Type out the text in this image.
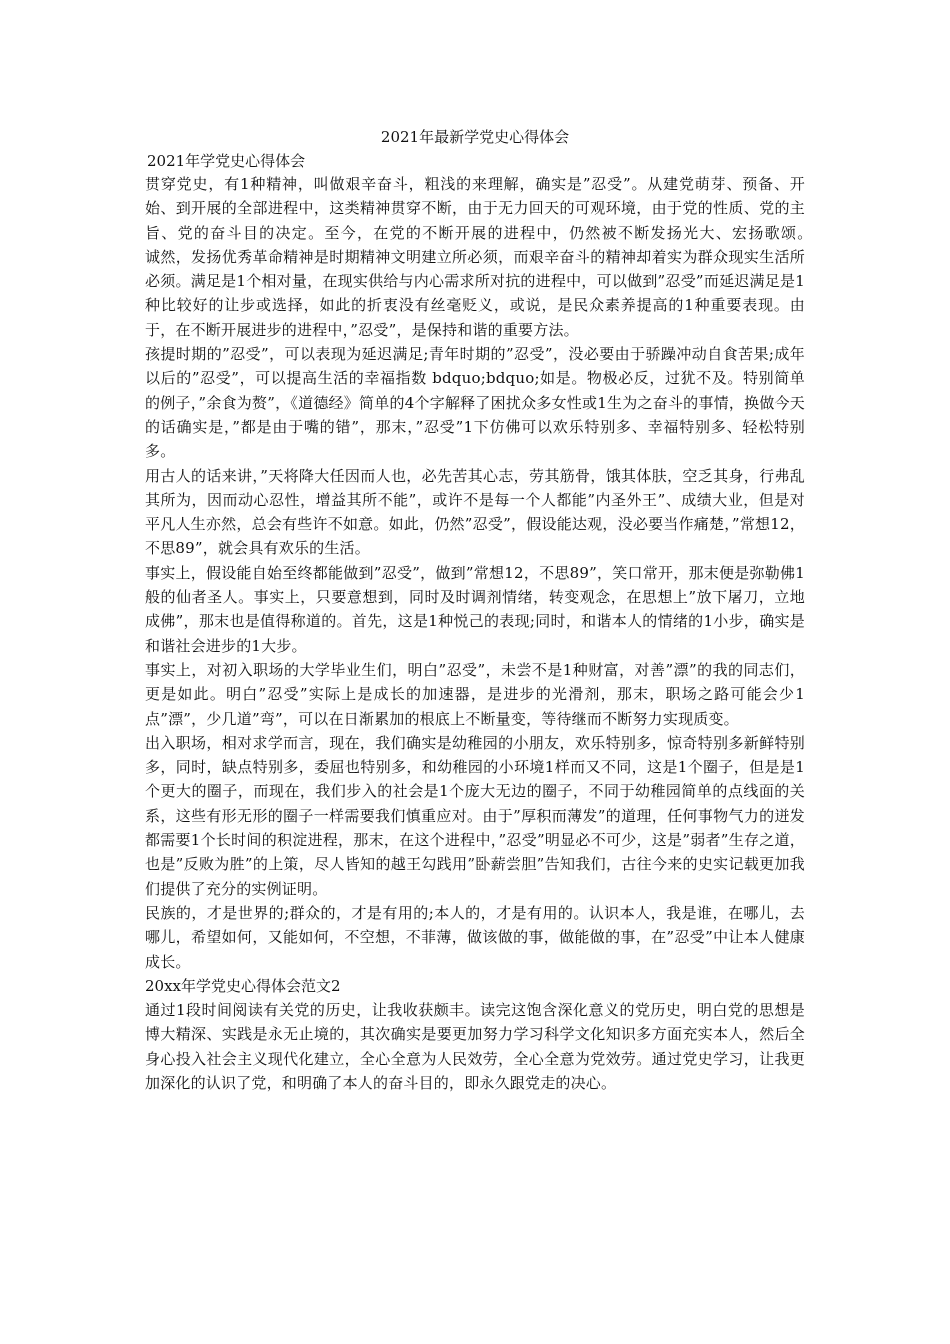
2021年最新学党史心得体会
2021年学党史心得体会

贯穿党史，有1种精神，叫做艰辛奋斗，粗浅的来理解，确实是”忍受”。从建党萌芽、预备、开始、到开展的全部进程中，这类精神贯穿不断，由于无力回天的可观环境，由于党的性质、党的主旨、党的奋斗目的决定。至今，在党的不断开展的进程中，仍然被不断发扬光大、宏扬歌颂。　　　诚然，发扬优秀革命精神是时期精神文明建立所必须，而艰辛奋斗的精神却着实为群众现实生活所必须。满足是1个相对量，在现实供给与内心需求所对抗的进程中，可以做到”忍受”而延迟满足是1种比较好的让步或选择，如此的折衷没有丝毫贬义，或说，是民众素养提高的1种重要表现。由于，在不断开展进步的进程中，”忍受”，是保持和谐的重要方法。

孩提时期的”忍受”，可以表现为延迟满足;青年时期的”忍受”，没必要由于骄躁冲动自食苦果;成年以后的”忍受”，可以提高生活的幸福指数 bdquo;bdquo;如是。物极必反，过犹不及。特别简单的例子，”余食为赘”，《道德经》简单的4个字解释了困扰众多女性或1生为之奋斗的事情，换做今天的话确实是，”都是由于嘴的错”，那末，”忍受”1下仿佛可以欢乐特别多、幸福特别多、轻松特别多。

用古人的话来讲，”天将降大任因而人也，必先苦其心志，劳其筋骨，饿其体肤，空乏其身，行弗乱其所为，因而动心忍性，增益其所不能”，或许不是每一个人都能”内圣外王”、成绩大业，但是对平凡人生亦然，总会有些许不如意。如此，仍然”忍受”，假设能达观，没必要当作痛楚，”常想12，不思89”，就会具有欢乐的生活。

事实上，假设能自始至终都能做到”忍受”，做到”常想12，不思89”，笑口常开，那末便是弥勒佛1般的仙者圣人。事实上，只要意想到，同时及时调剂情绪，转变观念，在思想上”放下屠刀，立地成佛”，那末也是值得称道的。首先，这是1种悦己的表现;同时，和谐本人的情绪的1小步，确实是和谐社会进步的1大步。

事实上，对初入职场的大学毕业生们，明白”忍受”，未尝不是1种财富，对善”漂”的我的同志们，更是如此。明白”忍受”实际上是成长的加速器，是进步的光滑剂，那末，职场之路可能会少1点”漂”，少几道”弯”，可以在日渐累加的根底上不断量变，等待继而不断努力实现质变。

出入职场，相对求学而言，现在，我们确实是幼稚园的小朋友，欢乐特别多，惊奇特别多新鲜特别多，同时，缺点特别多，委屈也特别多，和幼稚园的小环境1样而又不同，这是1个圈子，但是是1个更大的圈子，而现在，我们步入的社会是1个庞大无边的圈子，不同于幼稚园简单的点线面的关系，这些有形无形的圈子一样需要我们慎重应对。由于”厚积而薄发”的道理，任何事物气力的迸发都需要1个长时间的积淀进程，那末，在这个进程中，”忍受”明显必不可少，这是”弱者”生存之道，也是”反败为胜”的上策，尽人皆知的越王勾践用”卧薪尝胆”告知我们，古往今来的史实记载更加我们提供了充分的实例证明。

民族的，才是世界的;群众的，才是有用的;本人的，才是有用的。认识本人，我是谁，在哪儿，去哪儿，希望如何，又能如何，不空想，不菲薄，做该做的事，做能做的事，在”忍受”中让本人健康成长。

20xx年学党史心得体会范文2

通过1段时间阅读有关党的历史，让我收获颇丰。读完这饱含深化意义的党历史，明白党的思想是博大精深、实践是永无止境的，其次确实是要更加努力学习科学文化知识多方面充实本人，然后全身心投入社会主义现代化建立，全心全意为人民效劳，全心全意为党效劳。通过党史学习，让我更加深化的认识了党，和明确了本人的奋斗目的，即永久跟党走的决心。
